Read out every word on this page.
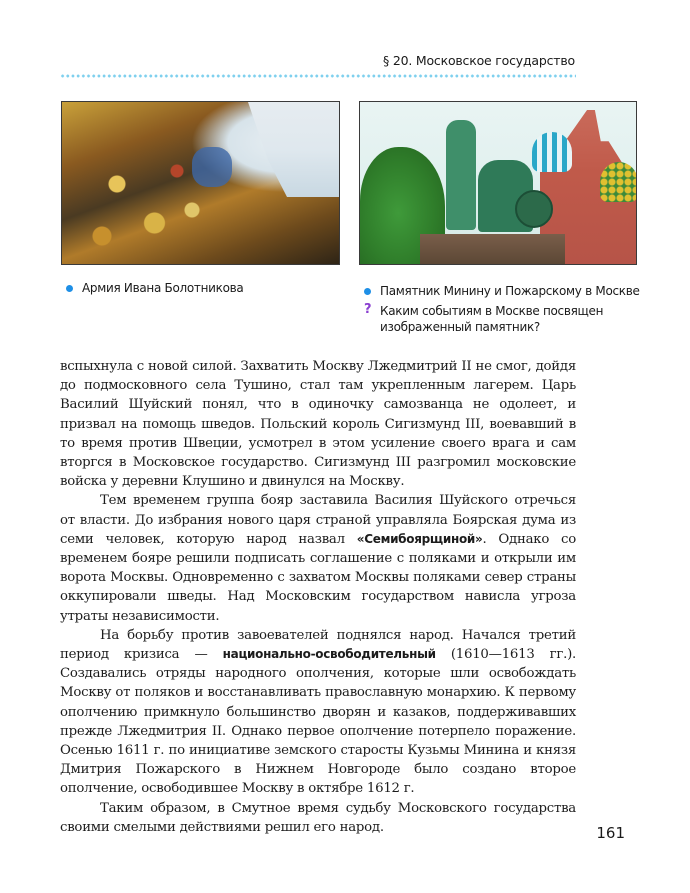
§ 20. Московское государство
Армия Ивана Болотникова	Памятник Минину и Пожарскому в Москве
? Каким событиям в Москве посвящен изображенный памятник?

вспыхнула с новой силой. Захватить Москву Лжедмитрий II не смог, дойдя до подмосковного села Тушино, стал там укрепленным лагерем. Царь Василий Шуйский понял, что в одиночку самозванца не одолеет, и призвал на помощь шведов. Польский король Сигизмунд III, воевавший в то время против Швеции, усмотрел в этом усиление своего врага и сам вторгся в Московское государство. Сигизмунд III разгромил московские войска у деревни Клушино и двинулся на Москву.

Тем временем группа бояр заставила Василия Шуйского отречься от власти. До избрания нового царя страной управляла Боярская дума из семи человек, которую народ назвал «Семибоярщиной». Однако со временем бояре решили подписать соглашение с поляками и открыли им ворота Москвы. Одновременно с захватом Москвы поляками север страны оккупировали шведы. Над Московским государством нависла угроза утраты независимости.

На борьбу против завоевателей поднялся народ. Начался третий период кризиса — национально-освободительный (1610—1613 гг.). Создавались отряды народного ополчения, которые шли освобождать Москву от поляков и восстанавливать православную монархию. К первому ополчению примкнуло большинство дворян и казаков, поддерживавших прежде Лжедмитрия II. Однако первое ополчение потерпело поражение. Осенью 1611 г. по инициативе земского старосты Кузьмы Минина и князя Дмитрия Пожарского в Нижнем Новгороде было создано второе ополчение, освободившее Москву в октябре 1612 г.

Таким образом, в Смутное время судьбу Московского государства своими смелыми действиями решил его народ.	161
